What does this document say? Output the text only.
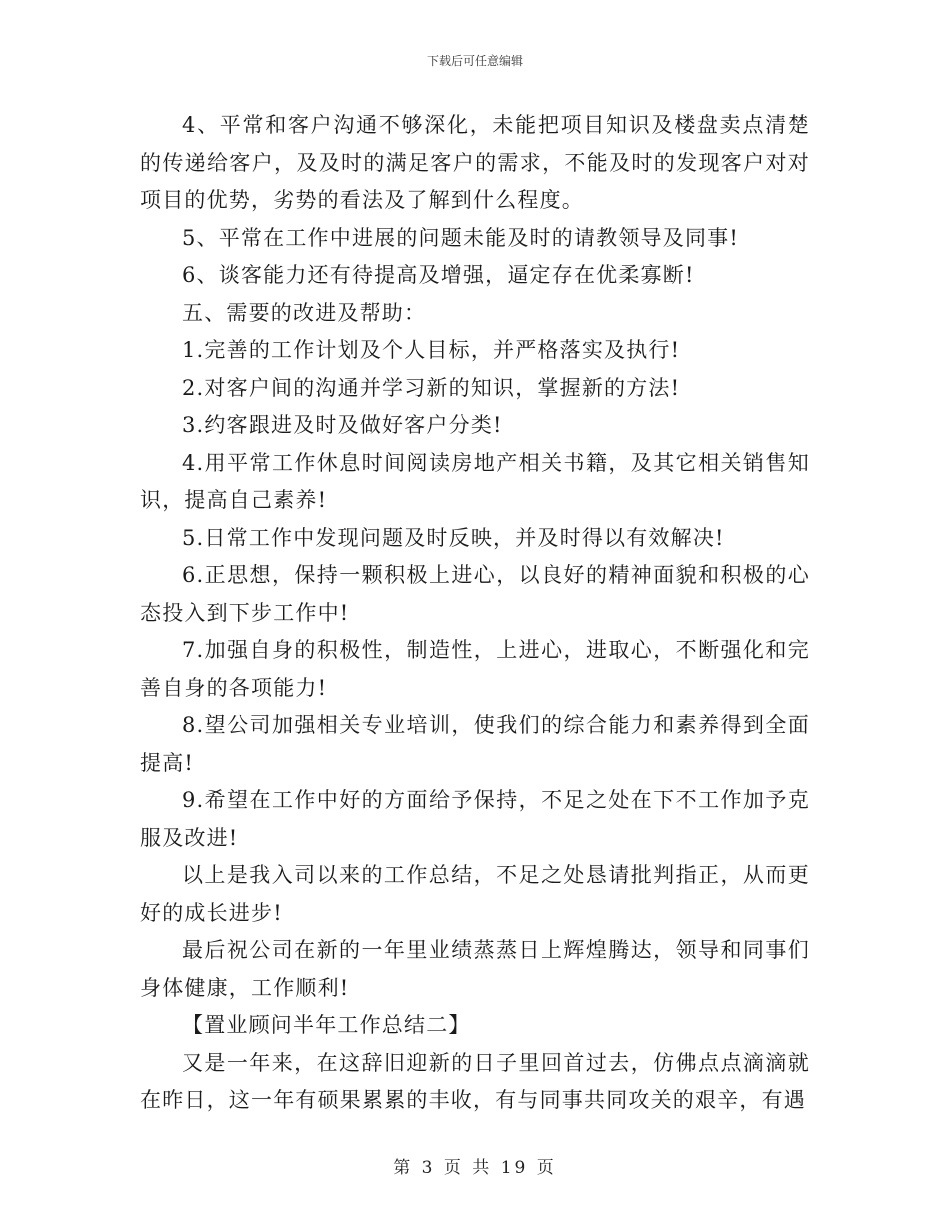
下载后可任意编辑

4、平常和客户沟通不够深化，未能把项目知识及楼盘卖点清楚的传递给客户，及及时的满足客户的需求，不能及时的发现客户对对项目的优势，劣势的看法及了解到什么程度。

5、平常在工作中进展的问题未能及时的请教领导及同事!

6、谈客能力还有待提高及增强，逼定存在优柔寡断!

五、需要的改进及帮助：

1.完善的工作计划及个人目标，并严格落实及执行!

2.对客户间的沟通并学习新的知识，掌握新的方法!

3.约客跟进及时及做好客户分类!

4.用平常工作休息时间阅读房地产相关书籍，及其它相关销售知识，提高自己素养!

5.日常工作中发现问题及时反映，并及时得以有效解决!

6.正思想，保持一颗积极上进心，以良好的精神面貌和积极的心态投入到下步工作中!

7.加强自身的积极性，制造性，上进心，进取心，不断强化和完善自身的各项能力!

8.望公司加强相关专业培训，使我们的综合能力和素养得到全面提高!

9.希望在工作中好的方面给予保持，不足之处在下不工作加予克服及改进!

以上是我入司以来的工作总结，不足之处恳请批判指正，从而更好的成长进步!

最后祝公司在新的一年里业绩蒸蒸日上辉煌腾达，领导和同事们身体健康，工作顺利!

【置业顾问半年工作总结二】

又是一年来，在这辞旧迎新的日子里回首过去，仿佛点点滴滴就在昨日，这一年有硕果累累的丰收，有与同事共同攻关的艰辛，有遇

第 3 页 共 19 页
